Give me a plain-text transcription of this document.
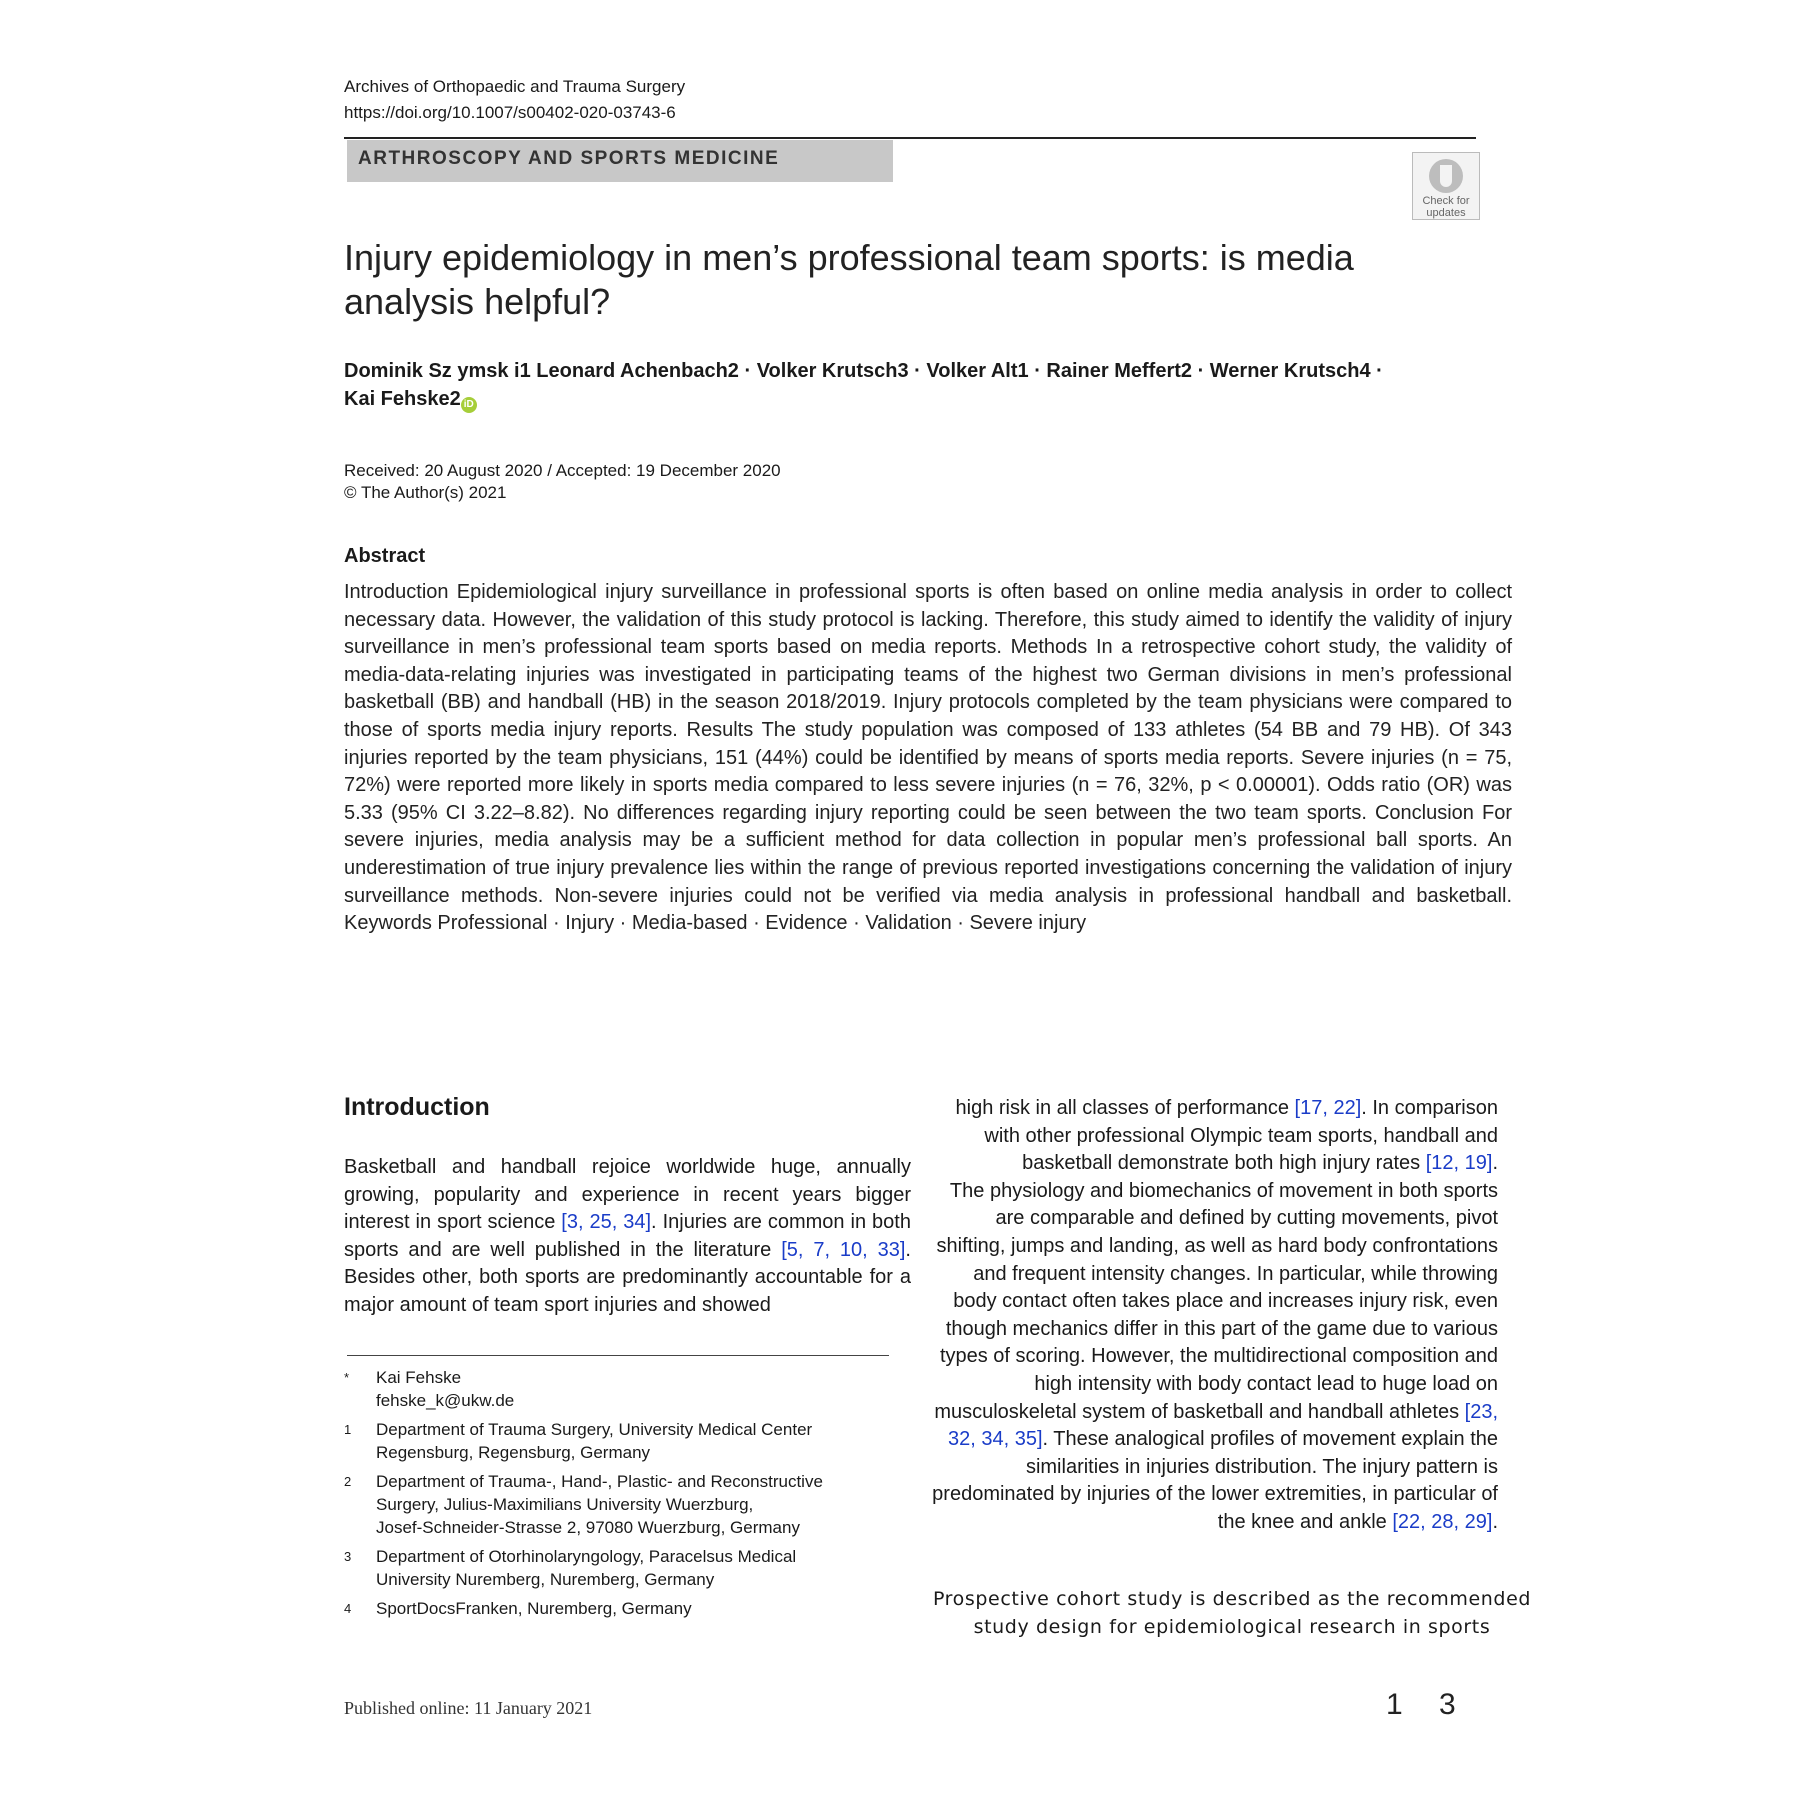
Archives of Orthopaedic and Trauma Surgery
https://doi.org/10.1007/s00402-020-03743-6
ARTHROSCOPY AND SPORTS MEDICINE
Check for
updates
Injury epidemiology in men’s professional team sports: is media analysis helpful?
Dominik Sz ymsk i1 Leonard Achenbach2 · Volker Krutsch3 · Volker Alt1 · Rainer Meffert2 · Werner Krutsch4 ·
Kai Fehske2 iD
Received: 20 August 2020 / Accepted: 19 December 2020
© The Author(s) 2021
Abstract
Introduction Epidemiological injury surveillance in professional sports is often based on online media analysis in order to collect necessary data. However, the validation of this study protocol is lacking. Therefore, this study aimed to identify the validity of injury surveillance in men’s professional team sports based on media reports. Methods In a retrospective cohort study, the validity of media-data-relating injuries was investigated in participating teams of the highest two German divisions in men’s professional basketball (BB) and handball (HB) in the season 2018/2019. Injury protocols completed by the team physicians were compared to those of sports media injury reports. Results The study population was composed of 133 athletes (54 BB and 79 HB). Of 343 injuries reported by the team physicians, 151 (44%) could be identified by means of sports media reports. Severe injuries (n = 75, 72%) were reported more likely in sports media compared to less severe injuries (n = 76, 32%, p < 0.00001). Odds ratio (OR) was 5.33 (95% CI 3.22–8.82). No differences regarding injury reporting could be seen between the two team sports. Conclusion For severe injuries, media analysis may be a sufficient method for data collection in popular men’s professional ball sports. An underestimation of true injury prevalence lies within the range of previous reported investigations concerning the validation of injury surveillance methods. Non-severe injuries could not be verified via media analysis in professional handball and basketball. Keywords Professional · Injury · Media-based · Evidence · Validation · Severe injury
Introduction
Basketball and handball rejoice worldwide huge, annually growing, popularity and experience in recent years bigger interest in sport science [3, 25, 34]. Injuries are common in both sports and are well published in the literature [5, 7, 10, 33]. Besides other, both sports are predominantly accountable for a major amount of team sport injuries and showed
* Kai Fehske
fehske_k@ukw.de
1 Department of Trauma Surgery, University Medical Center
Regensburg, Regensburg, Germany
2 Department of Trauma-, Hand-, Plastic- and Reconstructive
Surgery, Julius-Maximilians University Wuerzburg,
Josef-Schneider-Strasse 2, 97080 Wuerzburg, Germany
3 Department of Otorhinolaryngology, Paracelsus Medical
University Nuremberg, Nuremberg, Germany
4 SportDocsFranken, Nuremberg, Germany

high risk in all classes of performance [17, 22]. In comparison with other professional Olympic team sports, handball and basketball demonstrate both high injury rates [12, 19].

The physiology and biomechanics of movement in both sports are comparable and defined by cutting movements, pivot shifting, jumps and landing, as well as hard body confrontations and frequent intensity changes. In particular, while throwing body contact often takes place and increases injury risk, even though mechanics differ in this part of the game due to various types of scoring. However, the multidirectional composition and high intensity with body contact lead to huge load on musculoskeletal system of basketball and handball athletes [23, 32, 34, 35]. These analogical profiles of movement explain the similarities in injuries distribution. The injury pattern is predominated by injuries of the lower extremities, in particular of the knee and ankle [22, 28, 29].

Prospective cohort study is described as the recommended study design for epidemiological research in sports
Published online: 11 January 2021	1 3
